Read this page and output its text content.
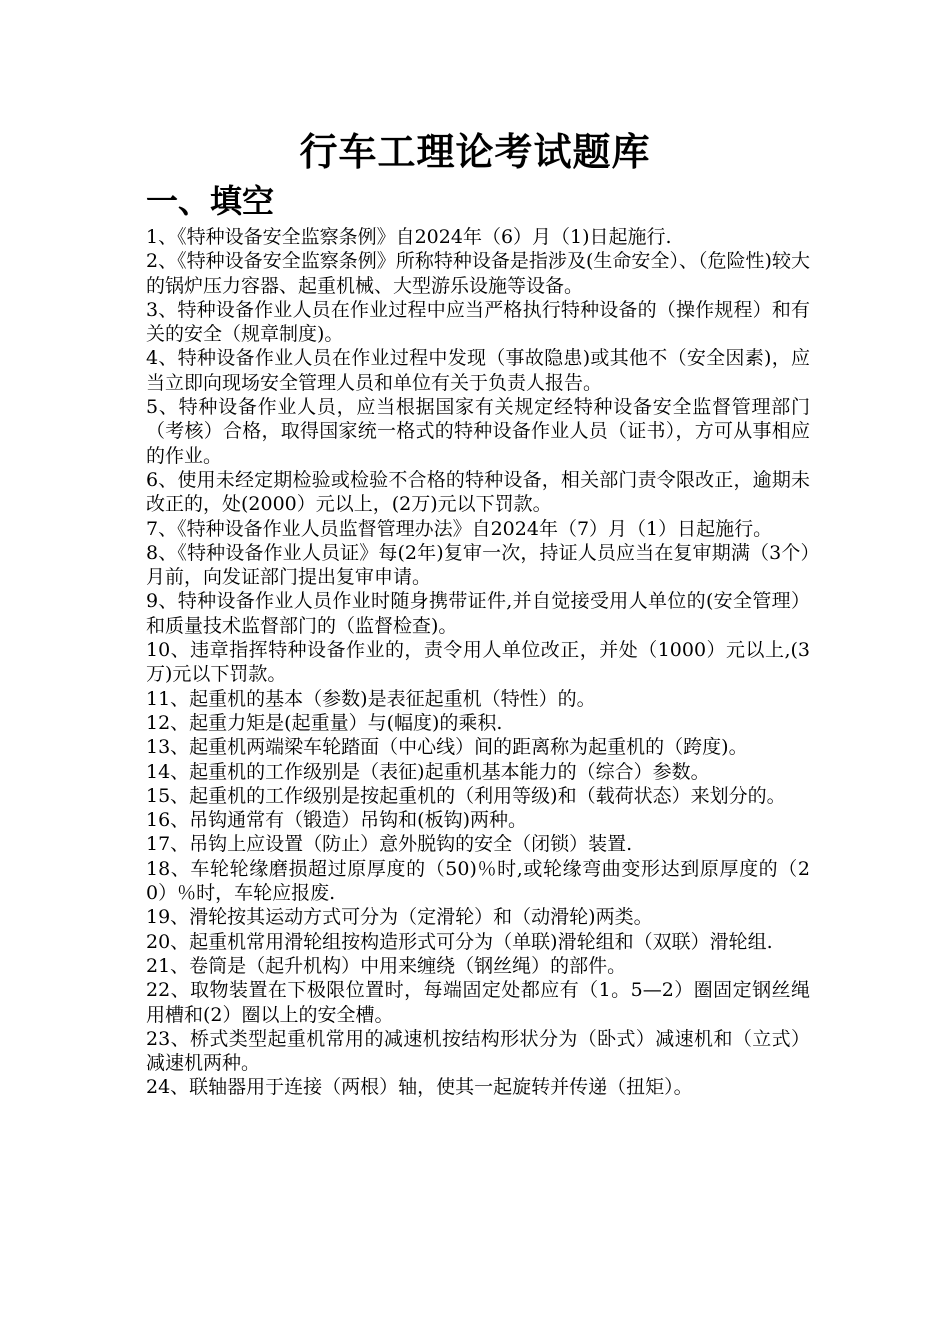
行车工理论考试题库
一、填空
1、《特种设备安全监察条例》自2024年（6）月（1)日起施行.
2、《特种设备安全监察条例》所称特种设备是指涉及(生命安全）、（危险性)较大的锅炉压力容器、起重机械、大型游乐设施等设备。
3、特种设备作业人员在作业过程中应当严格执行特种设备的（操作规程）和有关的安全（规章制度)。
4、特种设备作业人员在作业过程中发现（事故隐患)或其他不（安全因素)，应当立即向现场安全管理人员和单位有关于负责人报告。
5、特种设备作业人员，应当根据国家有关规定经特种设备安全监督管理部门（考核）合格，取得国家统一格式的特种设备作业人员（证书），方可从事相应的作业。
6、使用未经定期检验或检验不合格的特种设备，相关部门责令限改正，逾期未改正的，处(2000）元以上，(2万)元以下罚款。
7、《特种设备作业人员监督管理办法》自2024年（7）月（1）日起施行。
8、《特种设备作业人员证》每(2年)复审一次，持证人员应当在复审期满（3个）月前，向发证部门提出复审申请。
9、特种设备作业人员作业时随身携带证件,并自觉接受用人单位的(安全管理）和质量技术监督部门的（监督检查)。
10、违章指挥特种设备作业的，责令用人单位改正，并处（1000）元以上,(3万)元以下罚款。
11、起重机的基本（参数)是表征起重机（特性）的。
12、起重力矩是(起重量）与(幅度)的乘积.
13、起重机两端梁车轮踏面（中心线）间的距离称为起重机的（跨度)。
14、起重机的工作级别是（表征)起重机基本能力的（综合）参数。
15、起重机的工作级别是按起重机的（利用等级)和（载荷状态）来划分的。
16、吊钩通常有（锻造）吊钩和(板钩)两种。
17、吊钩上应设置（防止）意外脱钩的安全（闭锁）装置.
18、车轮轮缘磨损超过原厚度的（50)％时,或轮缘弯曲变形达到原厚度的（20）％时，车轮应报废.
19、滑轮按其运动方式可分为（定滑轮）和（动滑轮)两类。
20、起重机常用滑轮组按构造形式可分为（单联)滑轮组和（双联）滑轮组.
21、卷筒是（起升机构）中用来缠绕（钢丝绳）的部件。
22、取物装置在下极限位置时，每端固定处都应有（1。5—2）圈固定钢丝绳用槽和(2）圈以上的安全槽。
23、桥式类型起重机常用的减速机按结构形状分为（卧式）减速机和（立式）减速机两种。
24、联轴器用于连接（两根）轴，使其一起旋转并传递（扭矩）。
